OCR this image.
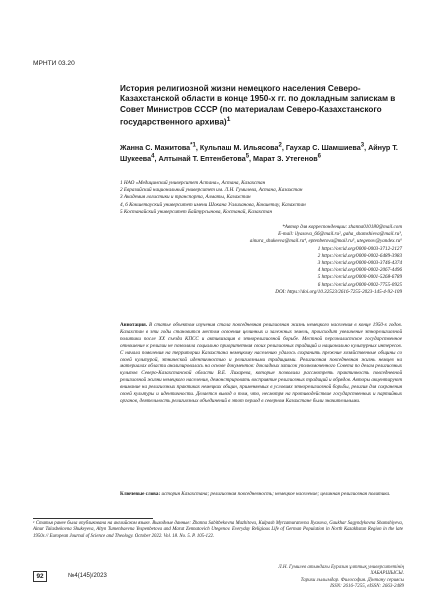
МРНТИ 03.20
История религиозной жизни немецкого населения Северо-Казахстанской области в конце 1950-х гг. по докладным запискам в Совет Министров СССР (по материалам Северо-Казахстанского государственного архива)$^1$
Жанна С. Мажитова$^{*1}$, Кульпаш М. Ильясова$^2$, Гаухар С. Шамшиева$^3$, Айнур Т. Шукеева$^4$, Алтынай Т. Ептенбетова$^5$, Марат З. Утегенов$^6$
1 НАО «Медицинский университет Астана», Астана, Казахстан
2 Евразийский национальный университет им. Л.Н. Гумилева, Астана, Казахстан
3 Академия логистики и транспорта, Алматы, Казахстан
4, 6 Кокшетауский университет имени Шокана Уалиханова, Кокшетау, Казахстан
5 Костанайский университет Байтурсынова, Костанай, Казахстан
*Автор для корреспонденции: zhanna010180@mail.com
E-mail: ilyasova_66@mail.ru², gaha_shamshieva@mail.ru³,
ainura_shukeeva@mail.ru⁴, eptenbetova@mail.ru⁵, utegenov@yandex.ru⁶
1 https://orcid.org/0000-0003-3712-2127
2 https://orcid.org/0000-0002-6489-3983
3 https://orcid.org/0000-0003-3746-4374
4 https://orcid.org/0000-0002-2067-4496
5 https://orcid.org/0000-0001-5268-6789
6 https://orcid.org/0000-0002-7755-0925
DOI: https://doi.org/10.32523/2616-7255-2023-145-4-92-109
Аннотация. В статье объектом изучения стала повседневная религиозная жизнь немецкого населения в конце 1950-х годов. Казахстан в эти годы становится местом освоения целинных и залежных земель, происходит увеличение этнорелигиозной политики после XX съезда КПСС и активизация в этнорелигиозной борьбе. Местной персоналистское государственное отношение к религии не позволяла социально приоритетная своих религиозных традиций и национально культурных интересов. С начала появления на территории Казахстана немецкому населению удалось сохранить прежние хозяйственные общины со своей культурой, этнической идентичностью и религиозными традициями. Религиозная повседневная жизнь немцев на материалах области анализировалась на основе документов: докладных записок уполномоченного Совета по делам религиозных культов Северо-Казахстанской области В.Е. Лихарева, которые позволили рассмотреть практичность повседневной религиозной жизни немецкого населения, демонстрировать восприятие религиозных традиций и обрядов. Авторы акцентируют внимание на религиозных практиках немецких общин, применяемых в условиях этнорелигиозной борьбы, религия для сохранения своей культуры и идентичности. Делается вывод о том, что, несмотря на противодействие государственных и партийных органов, деятельность религиозных объединений в этот период в северном Казахстане были значительными.
Ключевые слова: история Казахстана; религиозная повседневность; немецкое население; целинная религиозная политика.
¹ Статья ранее была опубликована на английском языке. Выходные данные: Zhanna Sabitbekovna Mazhitova, Kulpash Myrzamuratovna Ilyasova, Gaukhar Sagyndykovna Shamshiyeva, Ainur Talasbekovna Shukeyeva, Altyn Tumenbaevna Yespenbetova and Marat Zennatovich Utegenov. Everyday Religious Life of German Population in North Kazakhstan Region in the late 1950s // European Journal of Science and Theology. October 2022. Vol. 18. No. 5. P. 105-122.
92	№4(145)/2023
Л.Н. Гумилев атындағы Еуразия ұлттық университетінің ХАБАРШЫСЫ.
Тарихи ғылымдар. Философия. Дінтану сериясы
ISSN: 2616-7255, eISSN: 2663-2489
